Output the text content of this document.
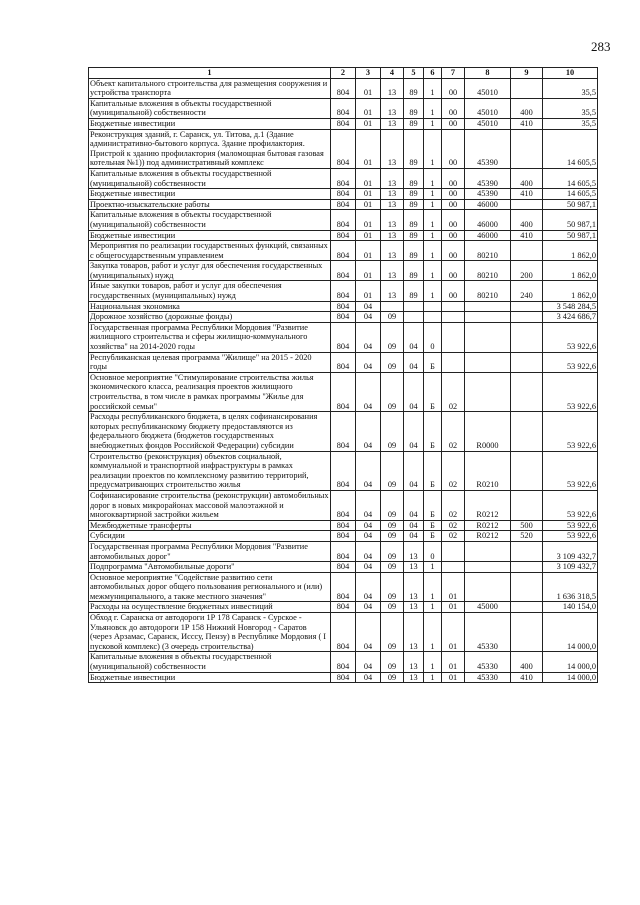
283
1	2	3	4	5	6	7	8	9	10
Объект капитального строительства для размещения сооружения и устройства транспорта	804	01	13	89	1	00	45010		35,5
Капитальные вложения в объекты государственной (муниципальной) собственности	804	01	13	89	1	00	45010	400	35,5
Бюджетные инвестиции	804	01	13	89	1	00	45010	410	35,5
Реконструкция зданий, г. Саранск, ул. Титова, д.1 (Здание административно-бытового корпуса. Здание профилактория. Пристрой к зданию профилактория (маломощная бытовая газовая котельная №1)) под административный комплекс	804	01	13	89	1	00	45390		14 605,5
Капитальные вложения в объекты государственной (муниципальной) собственности	804	01	13	89	1	00	45390	400	14 605,5
Бюджетные инвестиции	804	01	13	89	1	00	45390	410	14 605,5
Проектно-изыскательские работы	804	01	13	89	1	00	46000		50 987,1
Капитальные вложения в объекты государственной (муниципальной) собственности	804	01	13	89	1	00	46000	400	50 987,1
Бюджетные инвестиции	804	01	13	89	1	00	46000	410	50 987,1
Мероприятия по реализации государственных функций, связанных с общегосударственным управлением	804	01	13	89	1	00	80210		1 862,0
Закупка товаров, работ и услуг для обеспечения государственных (муниципальных) нужд	804	01	13	89	1	00	80210	200	1 862,0
Иные закупки товаров, работ и услуг для обеспечения государственных (муниципальных) нужд	804	01	13	89	1	00	80210	240	1 862,0
Национальная экономика	804	04							3 548 284,5
Дорожное хозяйство (дорожные фонды)	804	04	09						3 424 686,7
Государственная программа Республики Мордовия "Развитие жилищного строительства и сферы жилищно-коммунального хозяйства" на 2014-2020 годы	804	04	09	04	0				53 922,6
Республиканская целевая программа "Жилище" на 2015 - 2020 годы	804	04	09	04	Б				53 922,6
Основное мероприятие "Стимулирование строительства жилья экономического класса, реализация проектов жилищного строительства, в том числе в рамках программы "Жилье для российской семьи"	804	04	09	04	Б	02			53 922,6
Расходы республиканского бюджета, в целях софинансирования которых республиканскому бюджету предоставляются из федерального бюджета (бюджетов государственных внебюджетных фондов Российской Федерации) субсидии	804	04	09	04	Б	02	R0000		53 922,6
Строительство (реконструкция) объектов социальной, коммунальной и транспортной инфраструктуры в рамках реализации проектов по комплексному развитию территорий, предусматривающих строительство жилья	804	04	09	04	Б	02	R0210		53 922,6
Софинансирование строительства (реконструкции) автомобильных дорог в новых микрорайонах массовой малоэтажной и многоквартирной застройки жильем	804	04	09	04	Б	02	R0212		53 922,6
Межбюджетные трансферты	804	04	09	04	Б	02	R0212	500	53 922,6
Субсидии	804	04	09	04	Б	02	R0212	520	53 922,6
Государственная программа Республики Мордовия "Развитие автомобильных дорог"	804	04	09	13	0				3 109 432,7
Подпрограмма "Автомобильные дороги"	804	04	09	13	1				3 109 432,7
Основное мероприятие "Содействие развитию сети автомобильных дорог общего пользования регионального и (или) межмуниципального, а также местного значения"	804	04	09	13	1	01			1 636 318,5
Расходы на осуществление бюджетных инвестиций	804	04	09	13	1	01	45000		140 154,0
Обход г. Саранска от автодороги 1Р 178 Саранск - Сурское - Ульяновск до автодороги 1Р 158 Нижний Новгород - Саратов (через Арзамас, Саранск, Исссу, Пензу) в Республике Мордовия ( I пусковой комплекс) (3 очередь строительства)	804	04	09	13	1	01	45330		14 000,0
Капитальные вложения в объекты государственной (муниципальной) собственности	804	04	09	13	1	01	45330	400	14 000,0
Бюджетные инвестиции	804	04	09	13	1	01	45330	410	14 000,0
